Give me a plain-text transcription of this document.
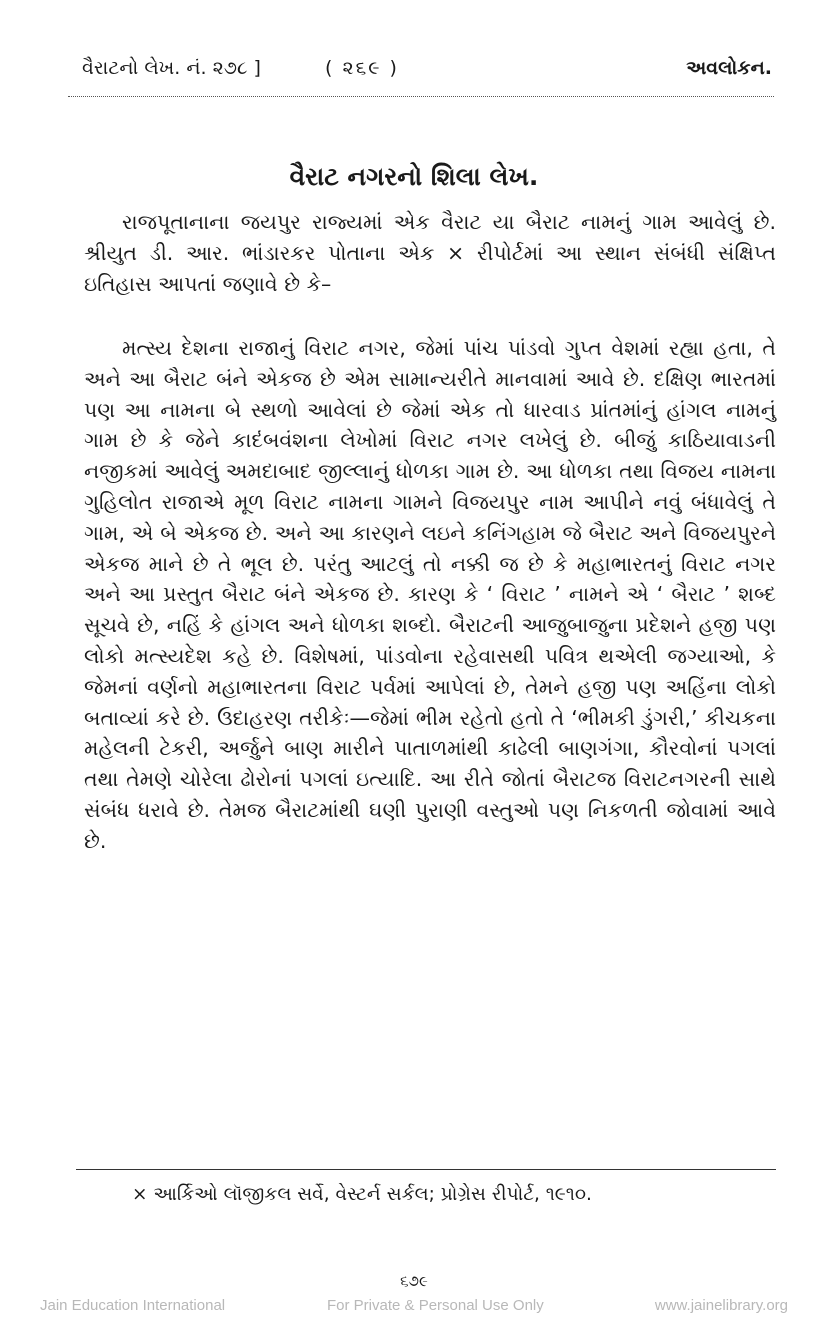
વૈરાટનો લેખ. નં. ૨૭૮ ]	( ૨૬૯ )	અવલોકન.
વૈરાટ નગરનો શિલા લેખ.

રાજપૂતાનાના જયપુર રાજ્યમાં એક વૈરાટ યા બૈરાટ નામનું ગામ આવેલું છે. શ્રીયુત ડી. આર. ભાંડારકર પોતાના એક × રીપોર્ટમાં આ સ્થાન સંબંધી સંક્ષિપ્ત ઇતિહાસ આપતાં જણાવે છે કે–

મત્સ્ય દેશના રાજાનું વિરાટ નગર, જેમાં પાંચ પાંડવો ગુપ્ત વેશમાં રહ્યા હતા, તે અને આ બૈરાટ બંને એકજ છે એમ સામાન્યરીતે માનવામાં આવે છે. દક્ષિણ ભારતમાં પણ આ નામના બે સ્થળો આવેલાં છે જેમાં એક તો ધારવાડ પ્રાંતમાંનું હાંગલ નામનું ગામ છે કે જેને કાદંબવંશના લેખોમાં વિરાટ નગર લખેલું છે. બીજું કાઠિયાવાડની નજીકમાં આવેલું અમદાબાદ જીલ્લાનું ધોળકા ગામ છે. આ ધોળકા તથા વિજય નામના ગુહિલોત રાજાએ મૂળ વિરાટ નામના ગામને વિજયપુર નામ આપીને નવું બંધાવેલું તે ગામ, એ બે એકજ છે. અને આ કારણને લઇને કનિંગહામ જે બૈરાટ અને વિજયપુરને એકજ માને છે તે ભૂલ છે. પરંતુ આટલું તો નક્કી જ છે કે મહાભારતનું વિરાટ નગર અને આ પ્રસ્તુત બૈરાટ બંને એકજ છે. કારણ કે ‘ વિરાટ ’ નામને એ ‘ બૈરાટ ’ શબ્દ સૂચવે છે, નહિં કે હાંગલ અને ધોળકા શબ્દો. બૈરાટની આજુબાજુના પ્રદેશને હજી પણ લોકો મત્સ્યદેશ કહે છે. વિશેષમાં, પાંડવોના રહેવાસથી પવિત્ર થએલી જગ્યાઓ, કે જેમનાં વર્ણનો મહાભારતના વિરાટ પર્વમાં આપેલાં છે, તેમને હજી પણ અહિંના લોકો બતાવ્યાં કરે છે. ઉદાહરણ તરીકેઃ—જેમાં ભીમ રહેતો હતો તે ‘ભીમકી ડુંગરી,’ કીચકના મહેલની ટેકરી, અર્જુને બાણ મારીને પાતાળમાંથી કાઢેલી બાણગંગા, કૌરવોનાં પગલાં તથા તેમણે ચોરેલા ઢોરોનાં પગલાં ઇત્યાદિ. આ રીતે જોતાં બૈરાટજ વિરાટનગરની સાથે સંબંધ ધરાવે છે. તેમજ બૈરાટમાંથી ઘણી પુરાણી વસ્તુઓ પણ નિકળતી જોવામાં આવે છે.

× આર્કિઓ લૉજીકલ સર્વે, વેસ્ટર્ન સર્કલ; પ્રોગ્રેસ રીપોર્ટ, ૧૯૧૦.
૬૭૯
Jain Education International	For Private & Personal Use Only	www.jainelibrary.org
